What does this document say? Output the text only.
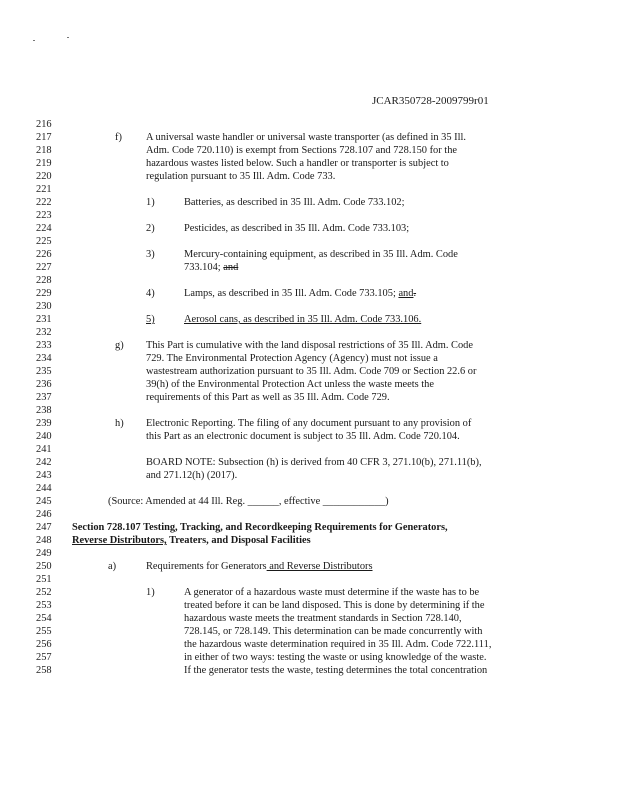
JCAR350728-2009799r01
216
217
218
219
220
221
222
223
224
225
226
227
228
229
230
231
232
233
234
235
236
237
238
239
240
241
242
243
244
245
246
247
248
249
250
251
252
253
254
255
256
257
258
f) A universal waste handler or universal waste transporter (as defined in 35 Ill.
Adm. Code 720.110) is exempt from Sections 728.107 and 728.150 for the
hazardous wastes listed below. Such a handler or transporter is subject to
regulation pursuant to 35 Ill. Adm. Code 733.
1)	Batteries, as described in 35 Ill. Adm. Code 733.102;
2)	Pesticides, as described in 35 Ill. Adm. Code 733.103;
3)	Mercury-containing equipment, as described in 35 Ill. Adm. Code
733.104; and
4)	Lamps, as described in 35 Ill. Adm. Code 733.105; and.
5)	Aerosol cans, as described in 35 Ill. Adm. Code 733.106.
g) This Part is cumulative with the land disposal restrictions of 35 Ill. Adm. Code
729. The Environmental Protection Agency (Agency) must not issue a
wastestream authorization pursuant to 35 Ill. Adm. Code 709 or Section 22.6 or
39(h) of the Environmental Protection Act unless the waste meets the
requirements of this Part as well as 35 Ill. Adm. Code 729.
h) Electronic Reporting. The filing of any document pursuant to any provision of
this Part as an electronic document is subject to 35 Ill. Adm. Code 720.104.
BOARD NOTE: Subsection (h) is derived from 40 CFR 3, 271.10(b), 271.11(b),
and 271.12(h) (2017).
(Source: Amended at 44 Ill. Reg. ______, effective ____________)
Section 728.107 Testing, Tracking, and Recordkeeping Requirements for Generators,
Reverse Distributors, Treaters, and Disposal Facilities
a)	Requirements for Generators and Reverse Distributors
1)	A generator of a hazardous waste must determine if the waste has to be
treated before it can be land disposed. This is done by determining if the
hazardous waste meets the treatment standards in Section 728.140,
728.145, or 728.149. This determination can be made concurrently with
the hazardous waste determination required in 35 Ill. Adm. Code 722.111,
in either of two ways: testing the waste or using knowledge of the waste.
If the generator tests the waste, testing determines the total concentration
